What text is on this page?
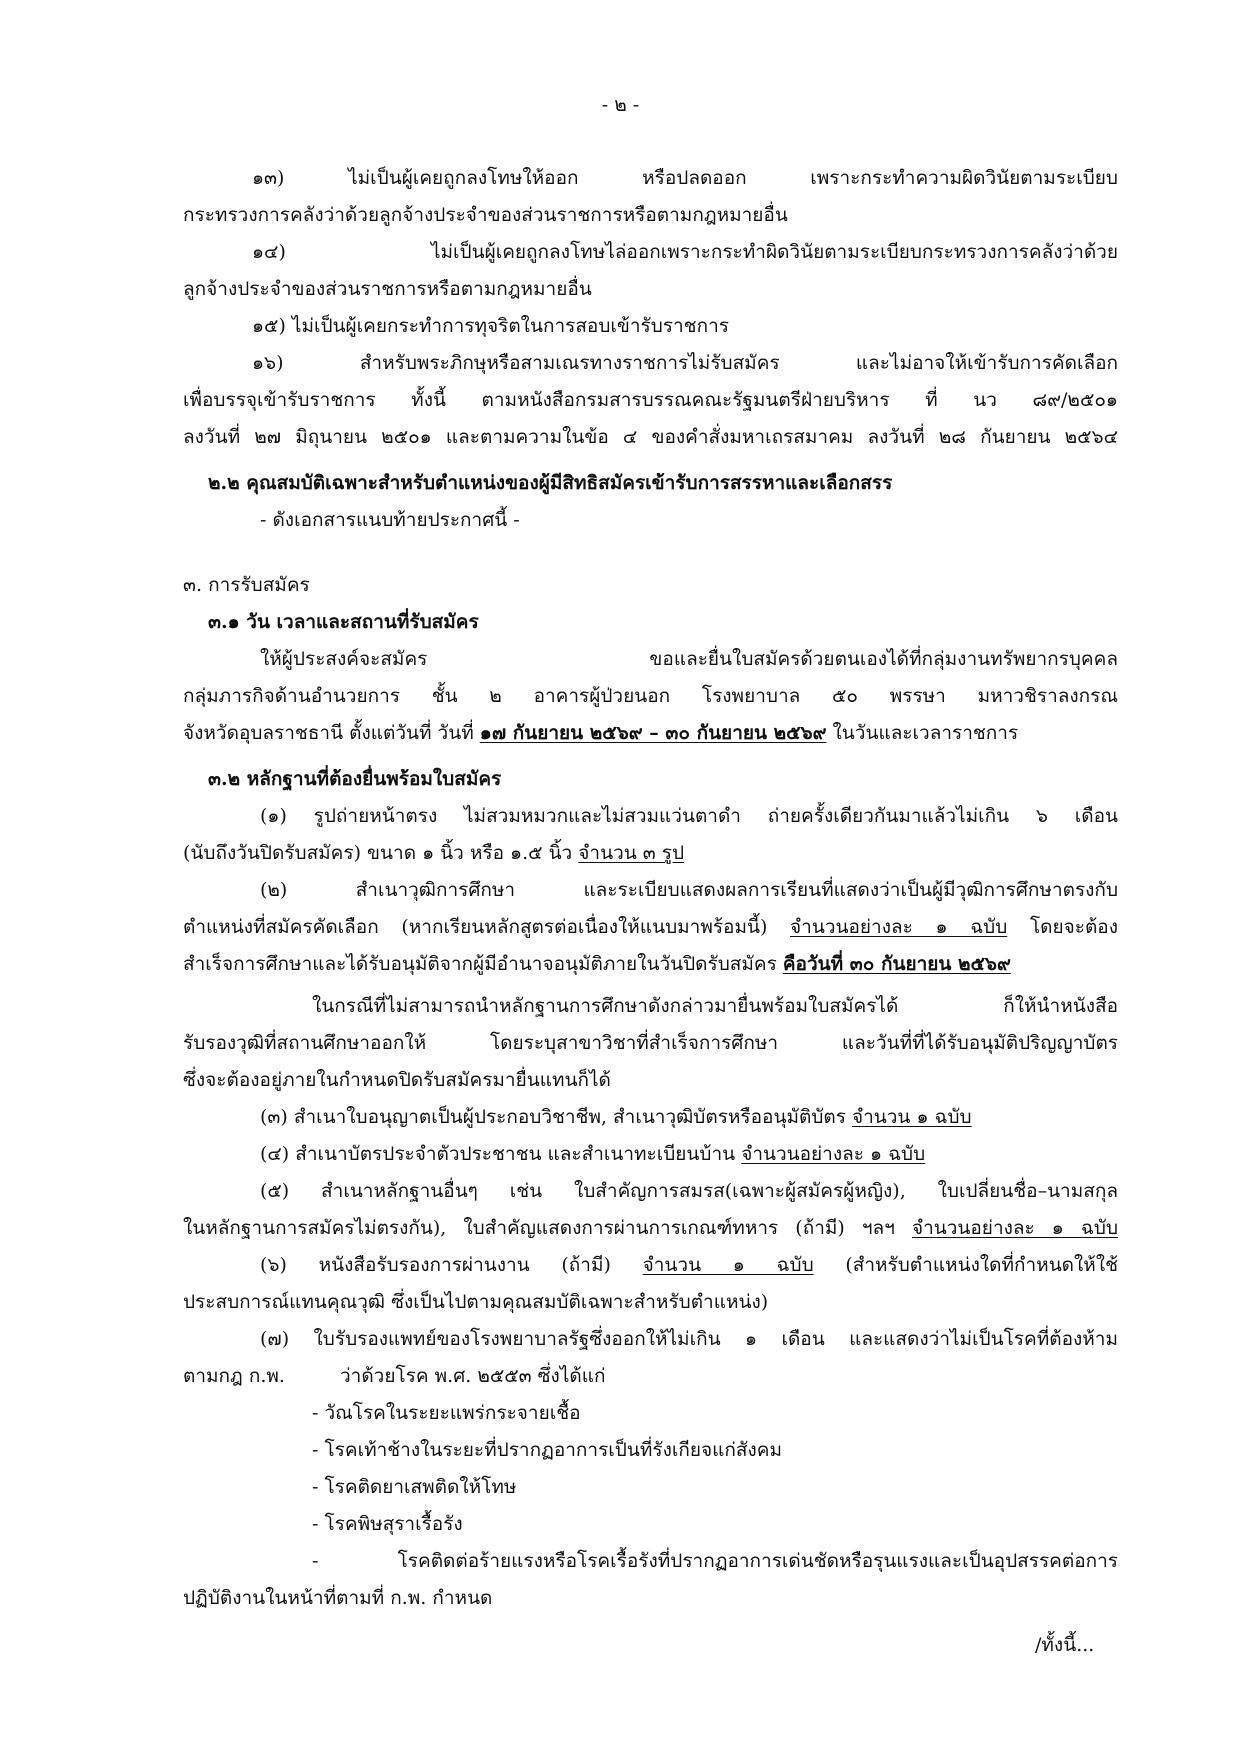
- ๒ -
๑๓) ไม่เป็นผู้เคยถูกลงโทษให้ออก หรือปลดออก เพราะกระทำความผิดวินัยตามระเบียบ
กระทรวงการคลังว่าด้วยลูกจ้างประจำของส่วนราชการหรือตามกฎหมายอื่น
๑๔) ไม่เป็นผู้เคยถูกลงโทษไล่ออกเพราะกระทำผิดวินัยตามระเบียบกระทรวงการคลังว่าด้วย
ลูกจ้างประจำของส่วนราชการหรือตามกฎหมายอื่น
๑๕) ไม่เป็นผู้เคยกระทำการทุจริตในการสอบเข้ารับราชการ
๑๖) สำหรับพระภิกษุหรือสามเณรทางราชการไม่รับสมัคร และไม่อาจให้เข้ารับการคัดเลือก
เพื่อบรรจุเข้ารับราชการ ทั้งนี้ ตามหนังสือกรมสารบรรณคณะรัฐมนตรีฝ่ายบริหาร ที่ นว ๘๙/๒๕๐๑
ลงวันที่ ๒๗ มิถุนายน ๒๕๐๑ และตามความในข้อ ๔ ของคำสั่งมหาเถรสมาคม ลงวันที่ ๒๘ กันยายน ๒๕๖๔
๒.๒ คุณสมบัติเฉพาะสำหรับตำแหน่งของผู้มีสิทธิสมัครเข้ารับการสรรหาและเลือกสรร
- ดังเอกสารแนบท้ายประกาศนี้ -
๓. การรับสมัคร
๓.๑ วัน เวลาและสถานที่รับสมัคร
ให้ผู้ประสงค์จะสมัคร ขอและยื่นใบสมัครด้วยตนเองได้ที่กลุ่มงานทรัพยากรบุคคล
กลุ่มภารกิจด้านอำนวยการ ชั้น ๒ อาคารผู้ป่วยนอก โรงพยาบาล ๕๐ พรรษา มหาวชิราลงกรณ
จังหวัดอุบลราชธานี ตั้งแต่วันที่ วันที่ ๑๗ กันยายน ๒๕๖๙ – ๓๐ กันยายน ๒๕๖๙ ในวันและเวลาราชการ
๓.๒ หลักฐานที่ต้องยื่นพร้อมใบสมัคร
(๑) รูปถ่ายหน้าตรง ไม่สวมหมวกและไม่สวมแว่นตาดำ ถ่ายครั้งเดียวกันมาแล้วไม่เกิน ๖ เดือน
(นับถึงวันปิดรับสมัคร) ขนาด ๑ นิ้ว หรือ ๑.๕ นิ้ว จำนวน ๓ รูป
(๒) สำเนาวุฒิการศึกษา และระเบียบแสดงผลการเรียนที่แสดงว่าเป็นผู้มีวุฒิการศึกษาตรงกับ
ตำแหน่งที่สมัครคัดเลือก (หากเรียนหลักสูตรต่อเนื่องให้แนบมาพร้อมนี้) จำนวนอย่างละ ๑ ฉบับ โดยจะต้อง
สำเร็จการศึกษาและได้รับอนุมัติจากผู้มีอำนาจอนุมัติภายในวันปิดรับสมัคร คือวันที่ ๓๐ กันยายน ๒๕๖๙
ในกรณีที่ไม่สามารถนำหลักฐานการศึกษาดังกล่าวมายื่นพร้อมใบสมัครได้ ก็ให้นำหนังสือ
รับรองวุฒิที่สถานศึกษาออกให้ โดยระบุสาขาวิชาที่สำเร็จการศึกษา และวันที่ที่ได้รับอนุมัติปริญญาบัตร
ซึ่งจะต้องอยู่ภายในกำหนดปิดรับสมัครมายื่นแทนก็ได้
(๓) สำเนาใบอนุญาตเป็นผู้ประกอบวิชาชีพ, สำเนาวุฒิบัตรหรืออนุมัติบัตร จำนวน ๑ ฉบับ
(๔) สำเนาบัตรประจำตัวประชาชน และสำเนาทะเบียนบ้าน จำนวนอย่างละ ๑ ฉบับ
(๕) สำเนาหลักฐานอื่นๆ เช่น ใบสำคัญการสมรส(เฉพาะผู้สมัครผู้หญิง), ใบเปลี่ยนชื่อ–นามสกุล
ในหลักฐานการสมัครไม่ตรงกัน), ใบสำคัญแสดงการผ่านการเกณฑ์ทหาร (ถ้ามี) ฯลฯ จำนวนอย่างละ ๑ ฉบับ
(๖) หนังสือรับรองการผ่านงาน (ถ้ามี) จำนวน ๑ ฉบับ (สำหรับตำแหน่งใดที่กำหนดให้ใช้
ประสบการณ์แทนคุณวุฒิ ซึ่งเป็นไปตามคุณสมบัติเฉพาะสำหรับตำแหน่ง)
(๗) ใบรับรองแพทย์ของโรงพยาบาลรัฐซึ่งออกให้ไม่เกิน ๑ เดือน และแสดงว่าไม่เป็นโรคที่ต้องห้าม
ตามกฎ ก.พ.	ว่าด้วยโรค พ.ศ. ๒๕๕๓ ซึ่งได้แก่
- วัณโรคในระยะแพร่กระจายเชื้อ
- โรคเท้าช้างในระยะที่ปรากฏอาการเป็นที่รังเกียจแก่สังคม
- โรคติดยาเสพติดให้โทษ
- โรคพิษสุราเรื้อรัง
- โรคติดต่อร้ายแรงหรือโรคเรื้อรังที่ปรากฏอาการเด่นชัดหรือรุนแรงและเป็นอุปสรรคต่อการ
ปฏิบัติงานในหน้าที่ตามที่ ก.พ. กำหนด
/ทั้งนี้...
